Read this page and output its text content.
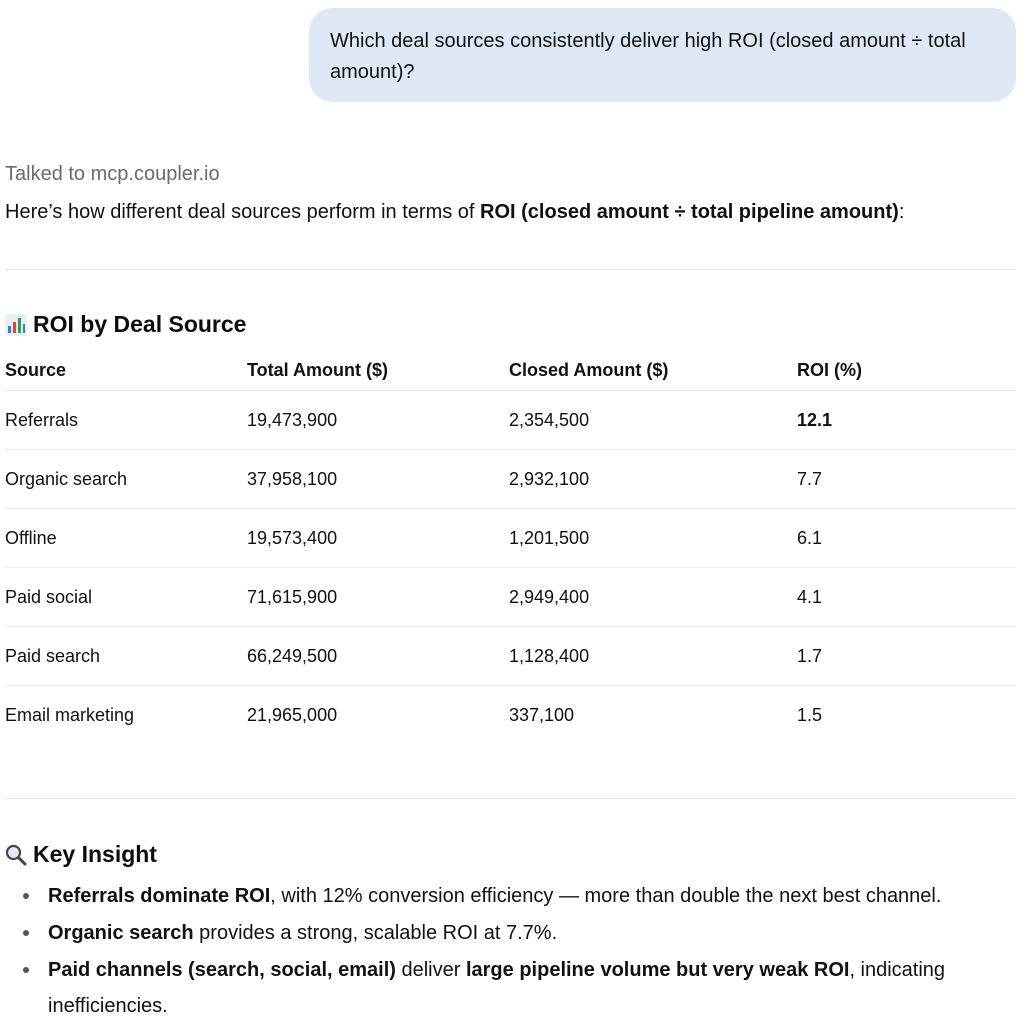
Which deal sources consistently deliver high ROI (closed amount ÷ total amount)?
Talked to mcp.coupler.io
Here’s how different deal sources perform in terms of ROI (closed amount ÷ total pipeline amount):
ROI by Deal Source
Source	Total Amount ($)	Closed Amount ($)	ROI (%)
Referrals	19,473,900	2,354,500	12.1
Organic search	37,958,100	2,932,100	7.7
Offline	19,573,400	1,201,500	6.1
Paid social	71,615,900	2,949,400	4.1
Paid search	66,249,500	1,128,400	1.7
Email marketing	21,965,000	337,100	1.5
Key Insight
Referrals dominate ROI, with 12% conversion efficiency — more than double the next best channel.
Organic search provides a strong, scalable ROI at 7.7%.
Paid channels (search, social, email) deliver large pipeline volume but very weak ROI, indicating inefficiencies.
